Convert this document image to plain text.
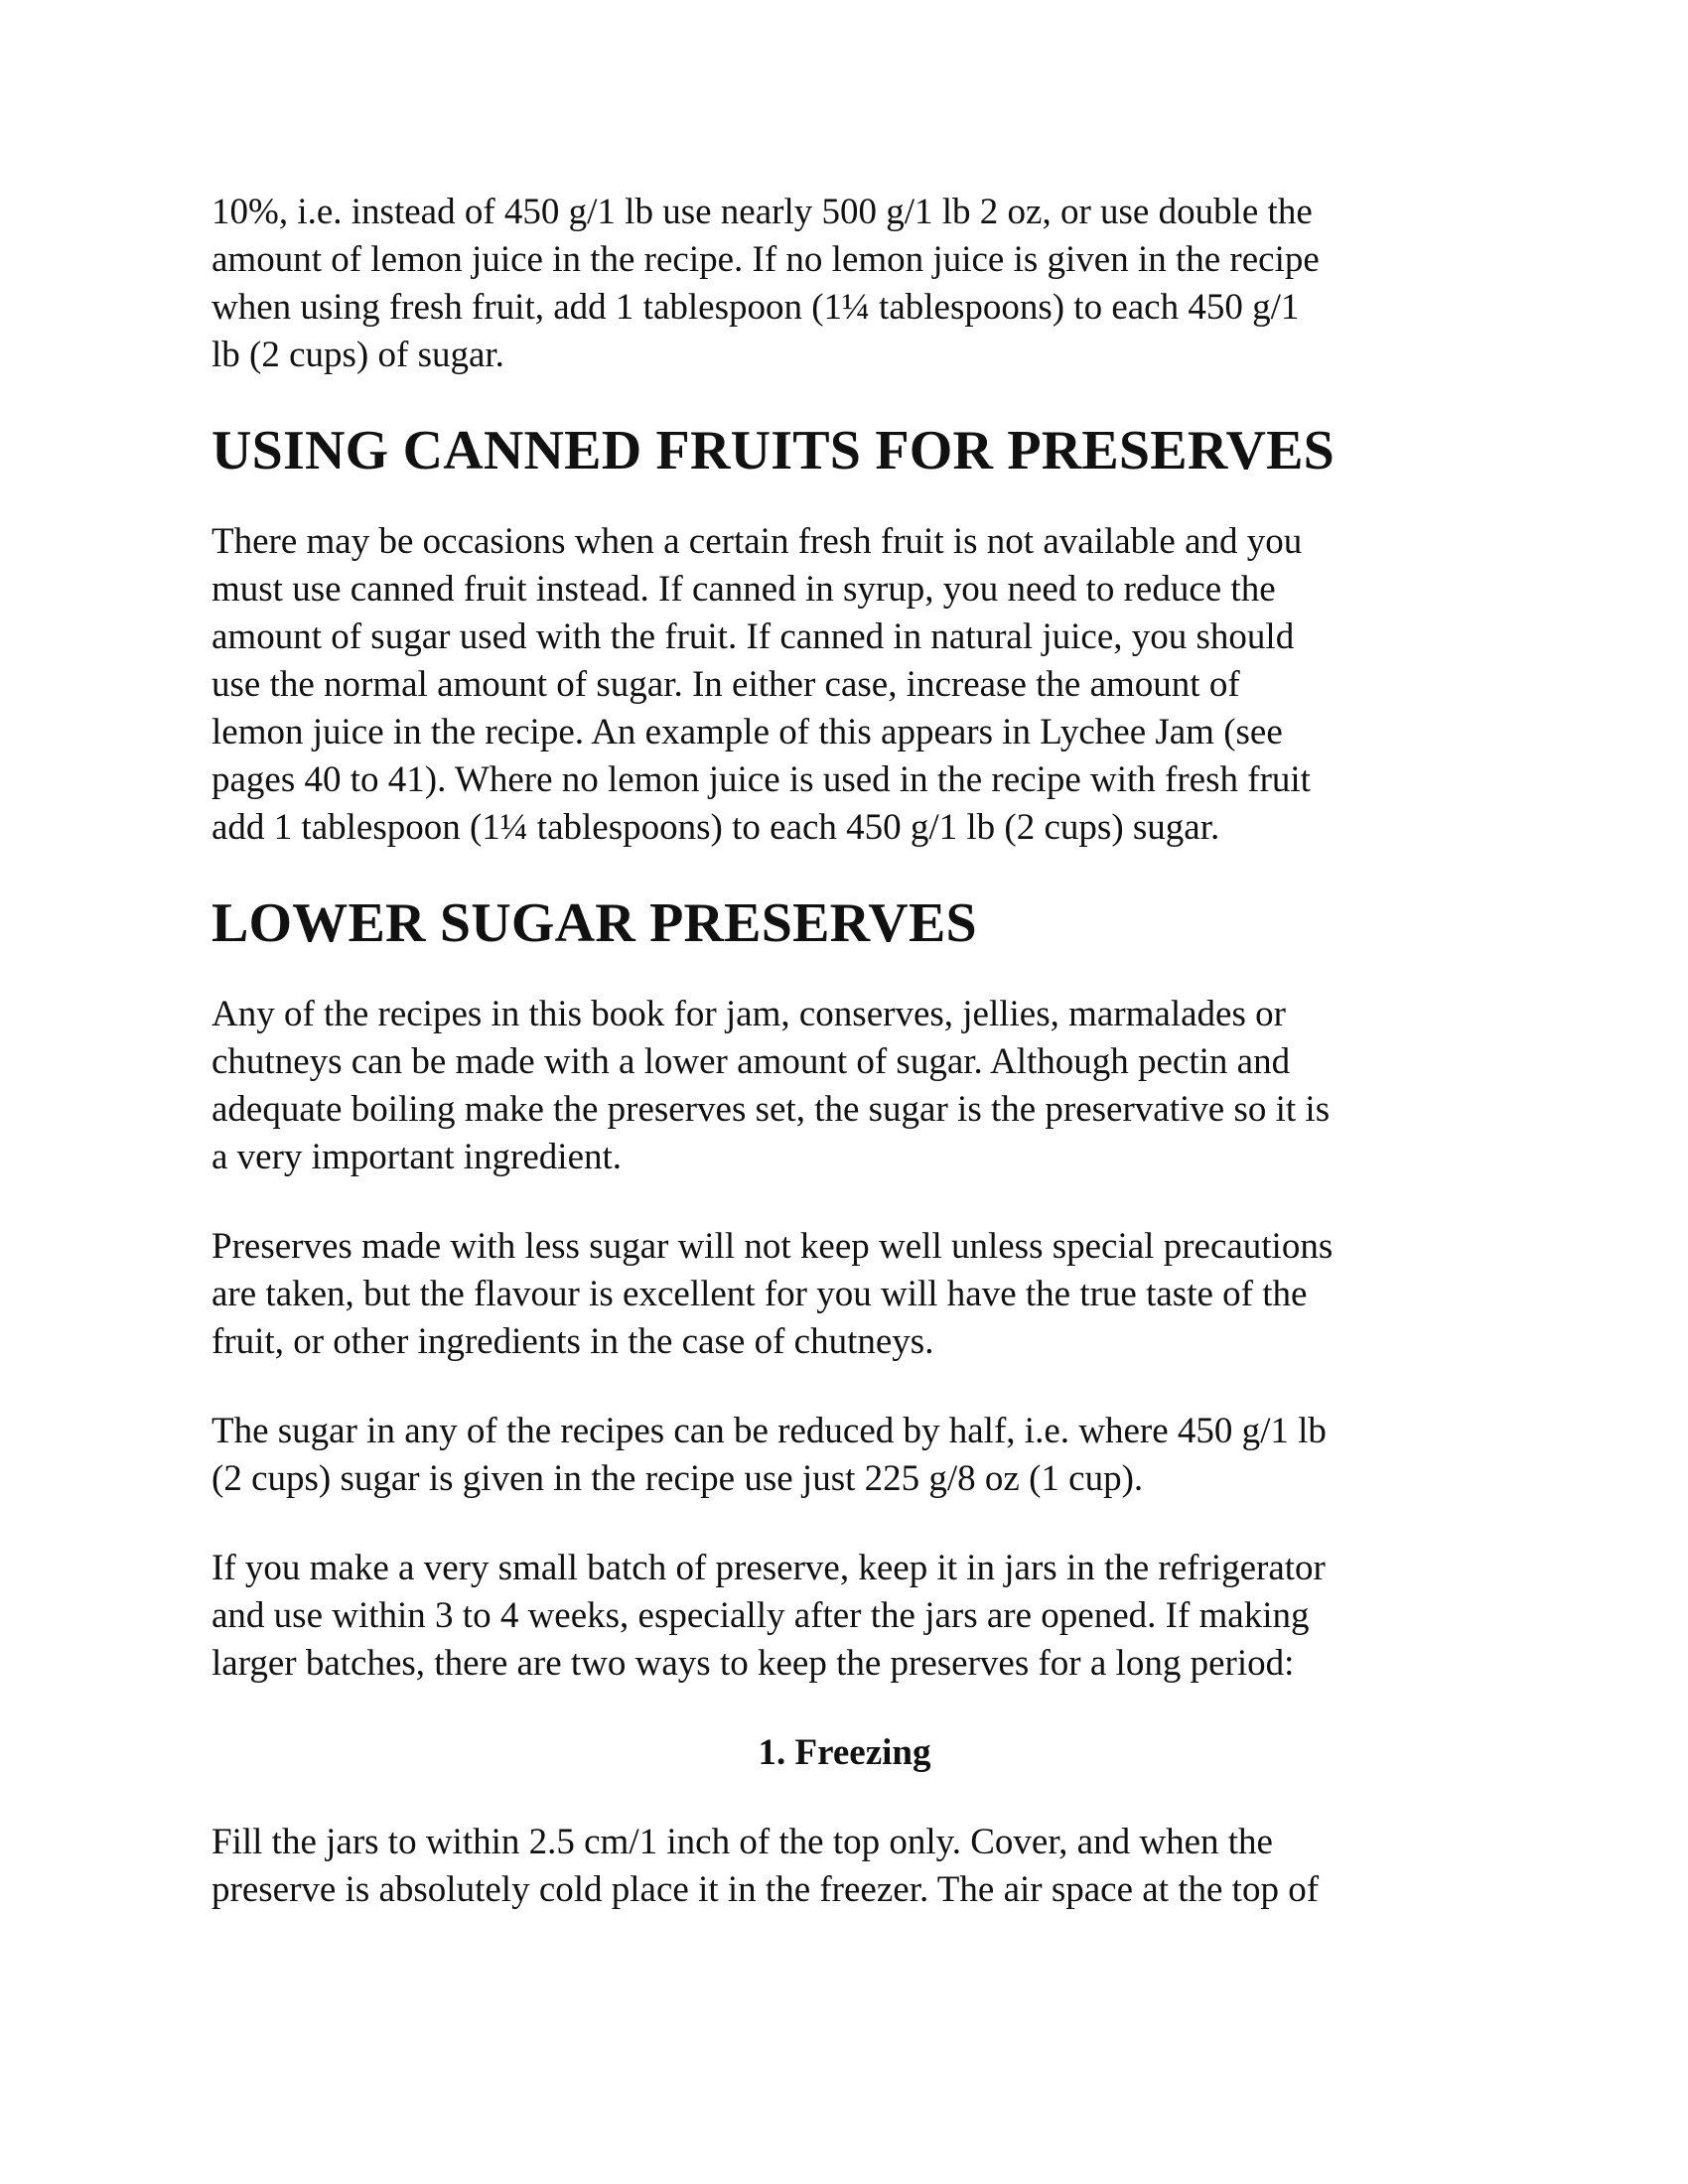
10%, i.e. instead of 450 g/1 lb use nearly 500 g/1 lb 2 oz, or use double the
amount of lemon juice in the recipe. If no lemon juice is given in the recipe
when using fresh fruit, add 1 tablespoon (1¼ tablespoons) to each 450 g/1
lb (2 cups) of sugar.

USING CANNED FRUITS FOR PRESERVES

There may be occasions when a certain fresh fruit is not available and you
must use canned fruit instead. If canned in syrup, you need to reduce the
amount of sugar used with the fruit. If canned in natural juice, you should
use the normal amount of sugar. In either case, increase the amount of
lemon juice in the recipe. An example of this appears in Lychee Jam (see
pages 40 to 41). Where no lemon juice is used in the recipe with fresh fruit
add 1 tablespoon (1¼ tablespoons) to each 450 g/1 lb (2 cups) sugar.

LOWER SUGAR PRESERVES

Any of the recipes in this book for jam, conserves, jellies, marmalades or
chutneys can be made with a lower amount of sugar. Although pectin and
adequate boiling make the preserves set, the sugar is the preservative so it is
a very important ingredient.

Preserves made with less sugar will not keep well unless special precautions
are taken, but the flavour is excellent for you will have the true taste of the
fruit, or other ingredients in the case of chutneys.

The sugar in any of the recipes can be reduced by half, i.e. where 450 g/1 lb
(2 cups) sugar is given in the recipe use just 225 g/8 oz (1 cup).

If you make a very small batch of preserve, keep it in jars in the refrigerator
and use within 3 to 4 weeks, especially after the jars are opened. If making
larger batches, there are two ways to keep the preserves for a long period:

1. Freezing

Fill the jars to within 2.5 cm/1 inch of the top only. Cover, and when the
preserve is absolutely cold place it in the freezer. The air space at the top of
